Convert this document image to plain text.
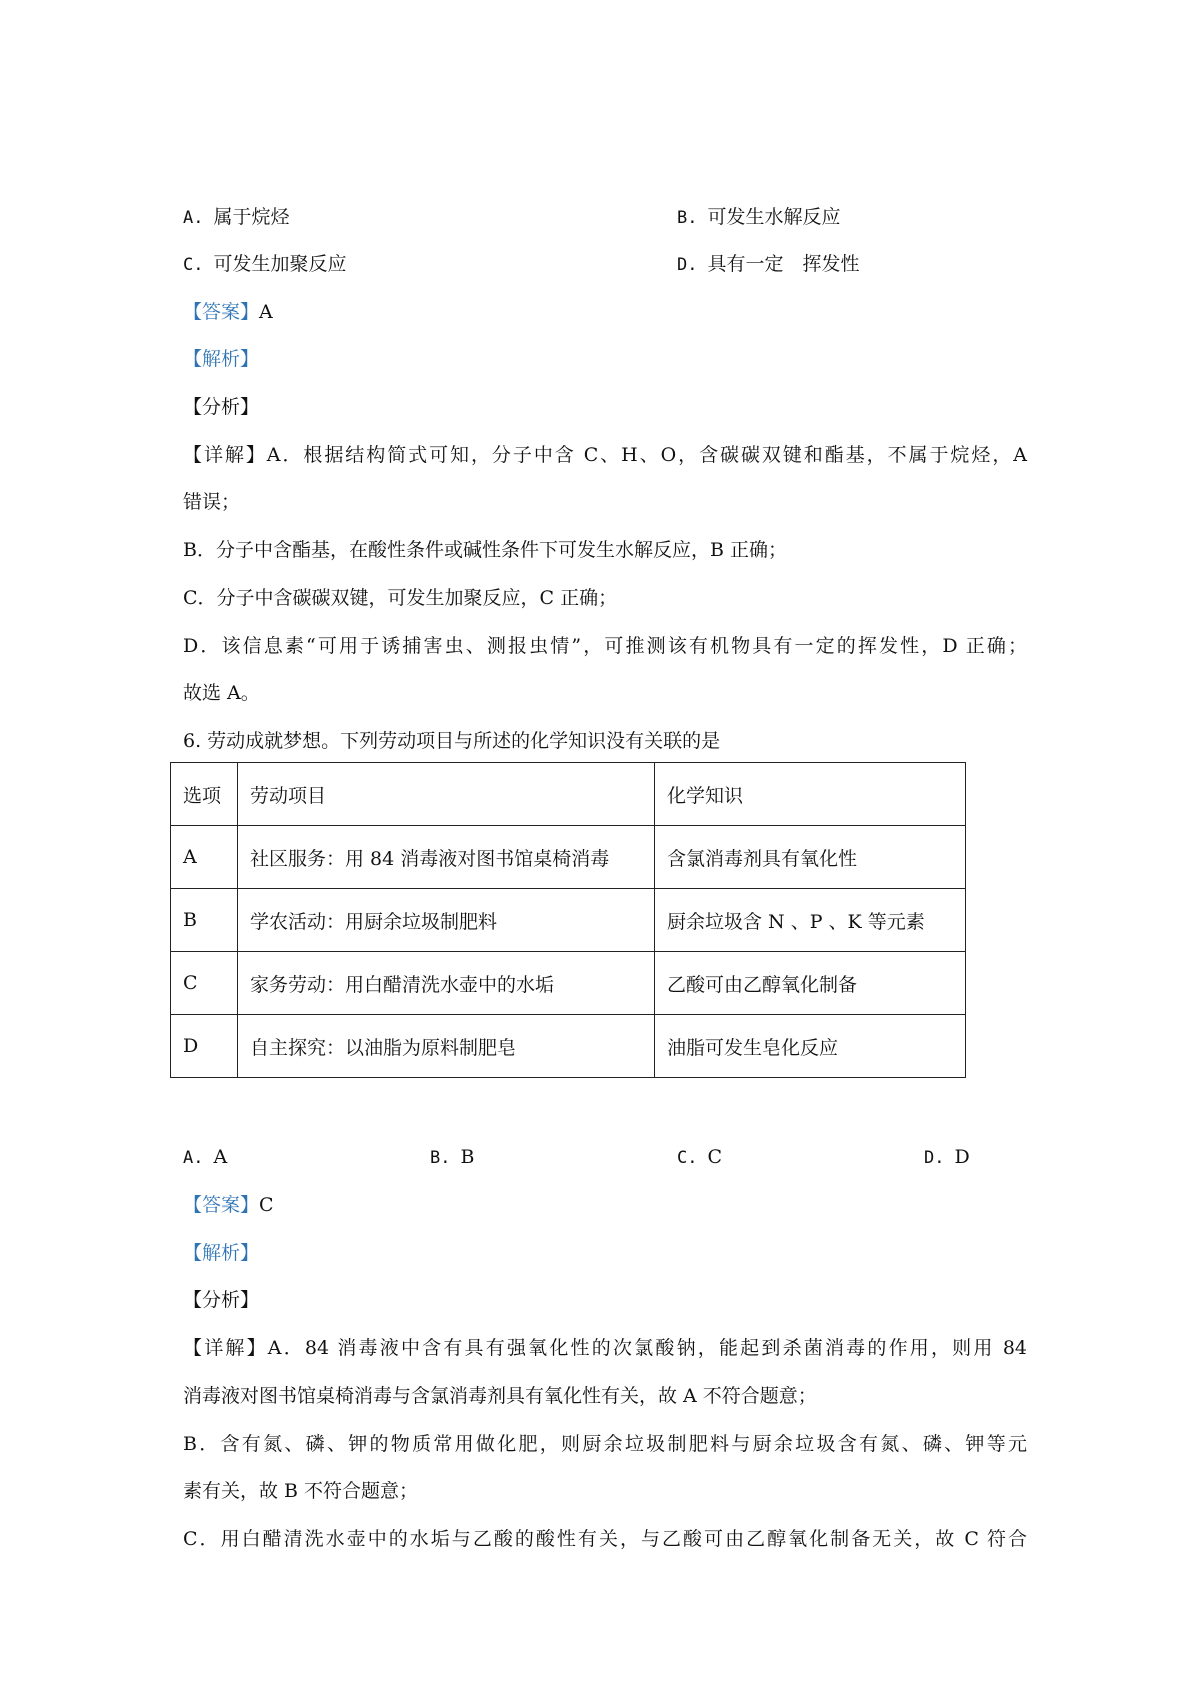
A. 属于烷烃	B. 可发生水解反应
C. 可发生加聚反应	D. 具有一定　挥发性
【答案】A
【解析】
【分析】
【详解】A．根据结构简式可知，分子中含 C、H、O，含碳碳双键和酯基，不属于烷烃，A
错误；
B．分子中含酯基，在酸性条件或碱性条件下可发生水解反应，B 正确；
C．分子中含碳碳双键，可发生加聚反应，C 正确；
D．该信息素“可用于诱捕害虫、测报虫情”，可推测该有机物具有一定的挥发性，D 正确；
故选 A。
6. 劳动成就梦想。下列劳动项目与所述的化学知识没有关联的是
选项	劳动项目	化学知识
A	社区服务：用 84 消毒液对图书馆桌椅消毒	含氯消毒剂具有氧化性
B	学农活动：用厨余垃圾制肥料	厨余垃圾含 N 、P 、K 等元素
C	家务劳动：用白醋清洗水壶中的水垢	乙酸可由乙醇氧化制备
D	自主探究：以油脂为原料制肥皂	油脂可发生皂化反应
A. A	B. B	C. C	D. D
【答案】C
【解析】
【分析】
【详解】A．84 消毒液中含有具有强氧化性的次氯酸钠，能起到杀菌消毒的作用，则用 84
消毒液对图书馆桌椅消毒与含氯消毒剂具有氧化性有关，故 A 不符合题意；
B．含有氮、磷、钾的物质常用做化肥，则厨余垃圾制肥料与厨余垃圾含有氮、磷、钾等元
素有关，故 B 不符合题意；
C．用白醋清洗水壶中的水垢与乙酸的酸性有关，与乙酸可由乙醇氧化制备无关，故 C 符合
